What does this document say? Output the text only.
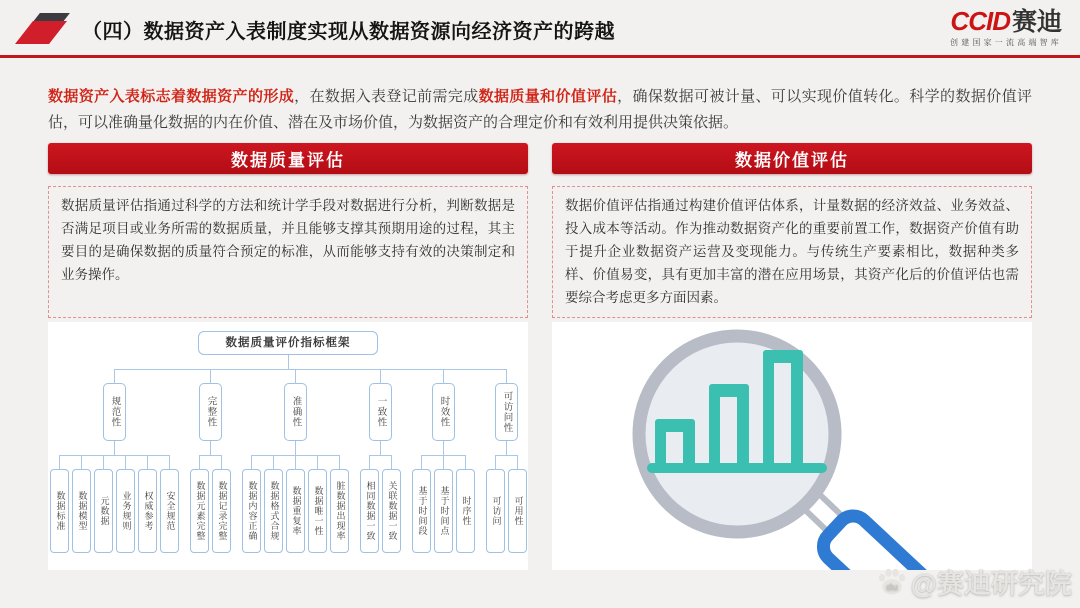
（四）数据资产入表制度实现从数据资源向经济资产的跨越	CCID 赛迪
创建国家一流高端智库
数据资产入表标志着数据资产的形成，在数据入表登记前需完成数据质量和价值评估，确保数据可被计量、可以实现价值转化。科学的数据价值评估，可以准确量化数据的内在价值、潜在及市场价值，为数据资产的合理定价和有效利用提供决策依据。
数据质量评估
数据质量评估指通过科学的方法和统计学手段对数据进行分析，判断数据是否满足项目或业务所需的数据质量，并且能够支撑其预期用途的过程，其主要目的是确保数据的质量符合预定的标准，从而能够支持有效的决策制定和业务操作。
数据质量评价指标框架
规范性
数据标准	数据模型	元数据	业务规则	权威参考	安全规范
完整性
数据元素完整	数据记录完整
准确性
数据内容正确	数据格式合规	数据重复率	数据唯一性	脏数据出现率
一致性
相同数据一致	关联数据一致
时效性
基于时间段	基于时间点	时序性
可访问性
可访问	可用性
数据价值评估
数据价值评估指通过构建价值评估体系，计量数据的经济效益、业务效益、投入成本等活动。作为推动数据资产化的重要前置工作，数据资产价值有助于提升企业数据资产运营及变现能力。与传统生产要素相比，数据种类多样、价值易变，具有更加丰富的潜在应用场景，其资产化后的价值评估也需要综合考虑更多方面因素。
du @赛迪研究院
